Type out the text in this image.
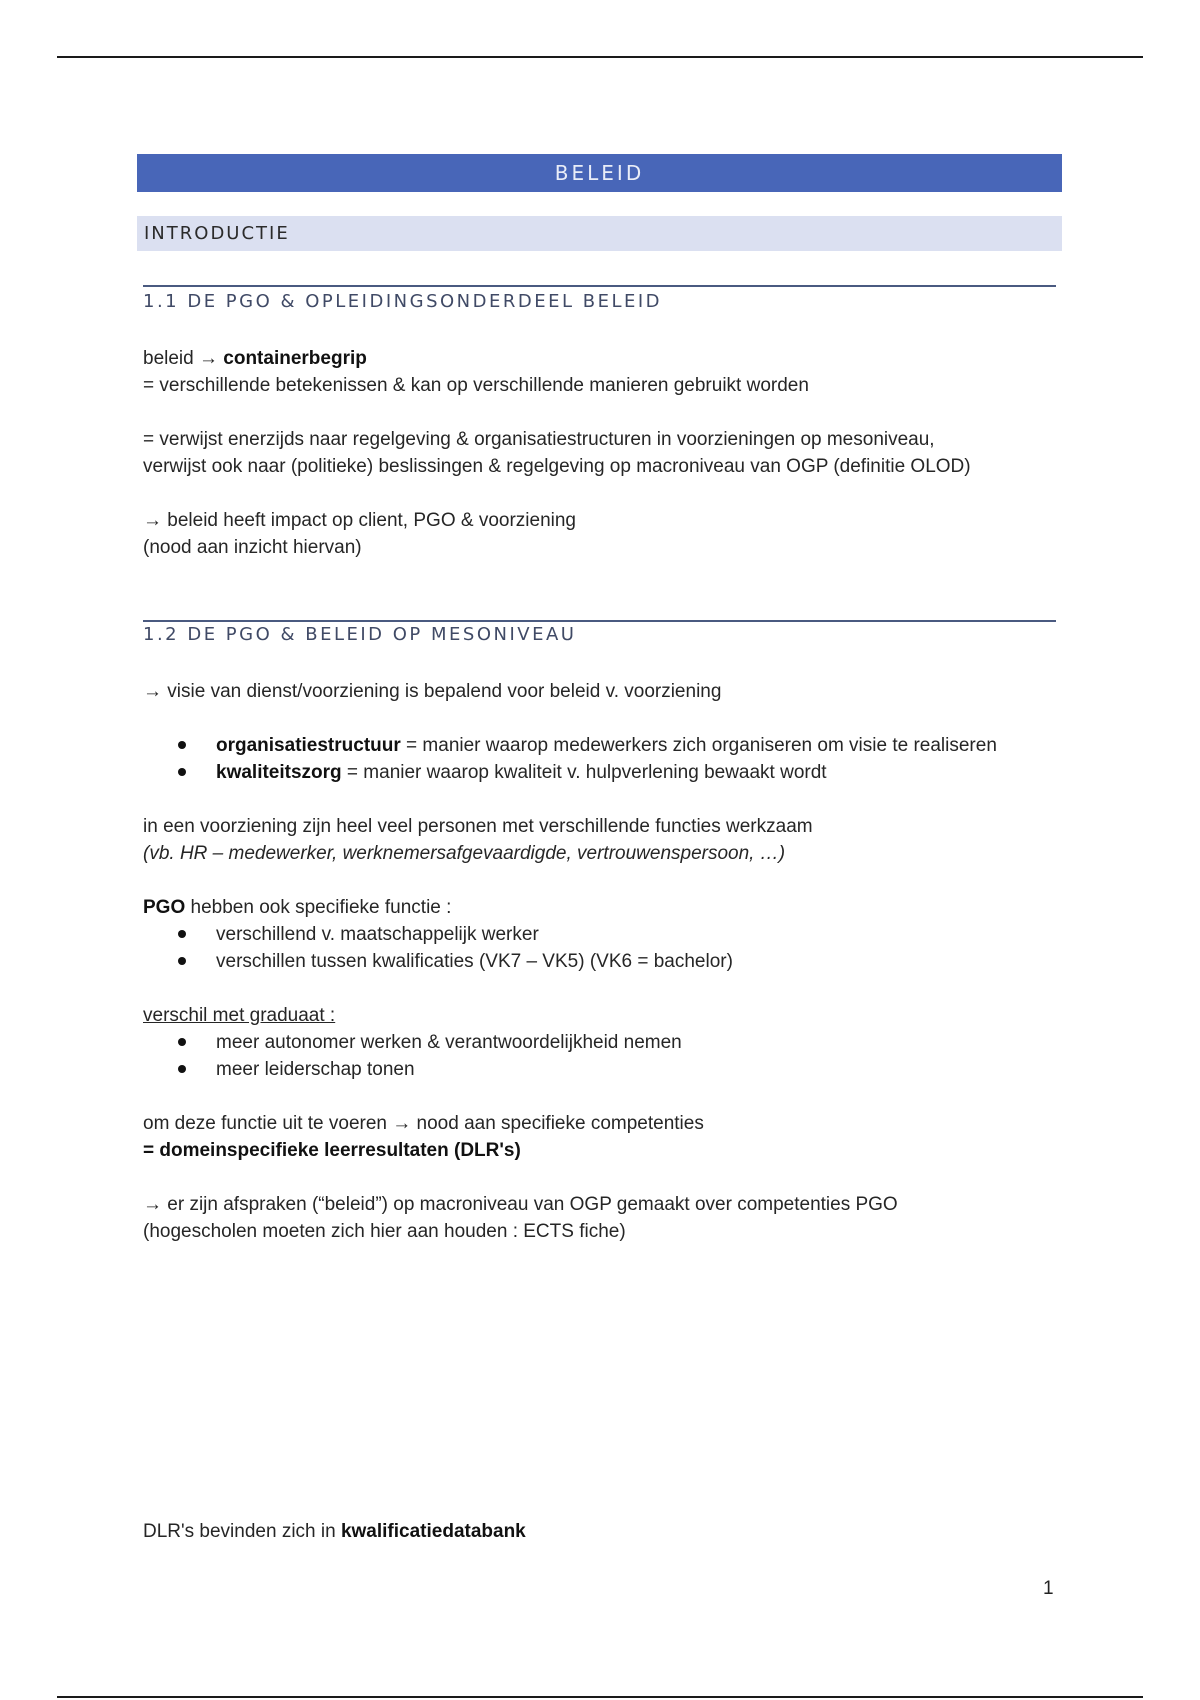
BELEID
INTRODUCTIE
1.1 DE PGO & OPLEIDINGSONDERDEEL BELEID
beleid → containerbegrip
= verschillende betekenissen & kan op verschillende manieren gebruikt worden
= verwijst enerzijds naar regelgeving & organisatiestructuren in voorzieningen op mesoniveau,
verwijst ook naar (politieke) beslissingen & regelgeving op macroniveau van OGP (definitie OLOD)
→ beleid heeft impact op client, PGO & voorziening
(nood aan inzicht hiervan)
1.2 DE PGO & BELEID OP MESONIVEAU
→ visie van dienst/voorziening is bepalend voor beleid v. voorziening
organisatiestructuur = manier waarop medewerkers zich organiseren om visie te realiseren
kwaliteitszorg = manier waarop kwaliteit v. hulpverlening bewaakt wordt
in een voorziening zijn heel veel personen met verschillende functies werkzaam
(vb. HR – medewerker, werknemersafgevaardigde, vertrouwenspersoon, …)
PGO hebben ook specifieke functie :
verschillend v. maatschappelijk werker
verschillen tussen kwalificaties (VK7 – VK5) (VK6 = bachelor)
verschil met graduaat :
meer autonomer werken & verantwoordelijkheid nemen
meer leiderschap tonen
om deze functie uit te voeren → nood aan specifieke competenties
= domeinspecifieke leerresultaten (DLR's)
→ er zijn afspraken (“beleid”) op macroniveau van OGP gemaakt over competenties PGO
(hogescholen moeten zich hier aan houden : ECTS fiche)
DLR's bevinden zich in kwalificatiedatabank
1
